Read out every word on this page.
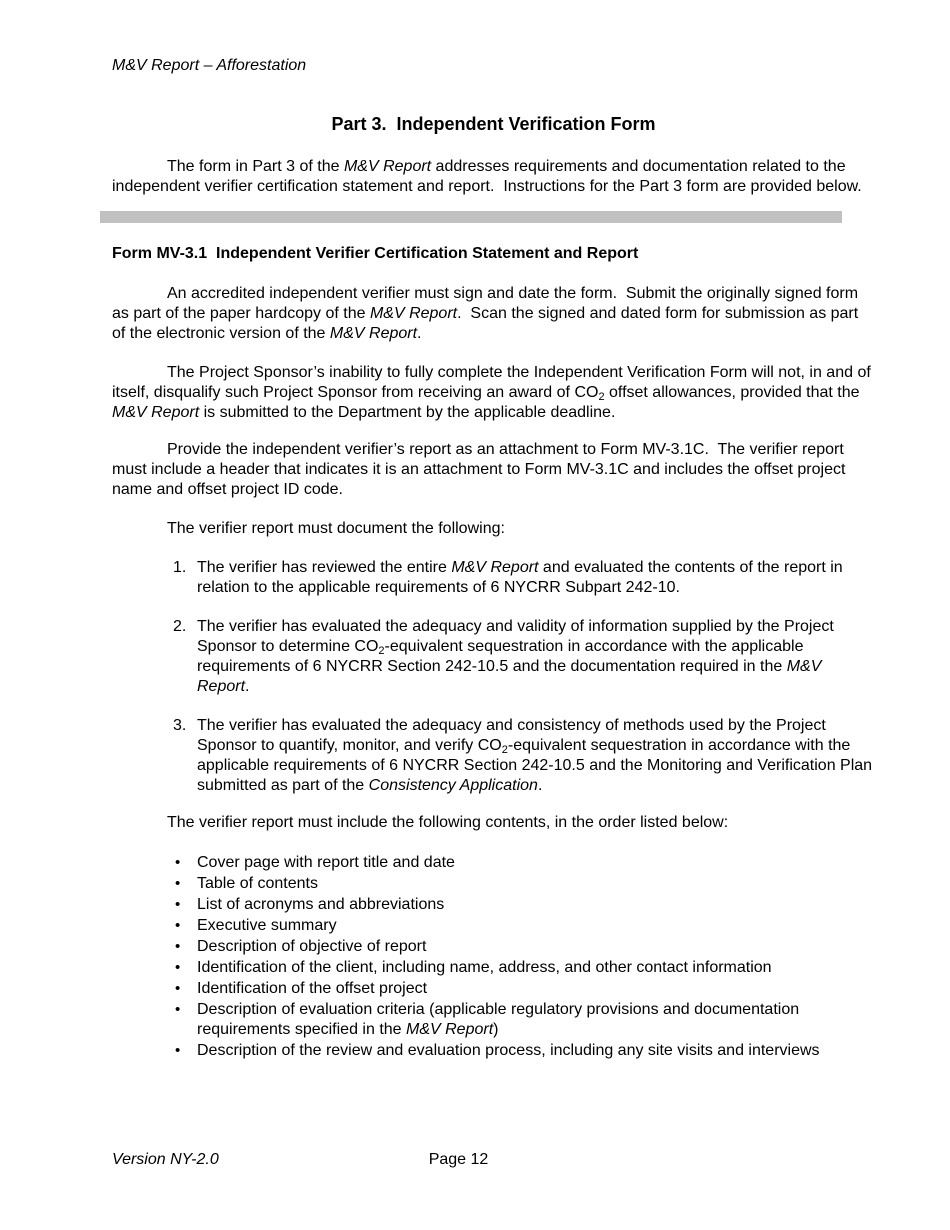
M&V Report – Afforestation
Part 3.  Independent Verification Form

The form in Part 3 of the M&V Report addresses requirements and documentation related to the independent verifier certification statement and report.  Instructions for the Part 3 form are provided below.

Form MV-3.1  Independent Verifier Certification Statement and Report

An accredited independent verifier must sign and date the form.  Submit the originally signed form as part of the paper hardcopy of the M&V Report.  Scan the signed and dated form for submission as part of the electronic version of the M&V Report.

The Project Sponsor’s inability to fully complete the Independent Verification Form will not, in and of itself, disqualify such Project Sponsor from receiving an award of $CO_2$ offset allowances, provided that the M&V Report is submitted to the Department by the applicable deadline.

Provide the independent verifier’s report as an attachment to Form MV-3.1C.  The verifier report must include a header that indicates it is an attachment to Form MV-3.1C and includes the offset project name and offset project ID code.

The verifier report must document the following:

1. The verifier has reviewed the entire M&V Report and evaluated the contents of the report in relation to the applicable requirements of 6 NYCRR Subpart 242-10.
2. The verifier has evaluated the adequacy and validity of information supplied by the Project Sponsor to determine $CO_2$-equivalent sequestration in accordance with the applicable requirements of 6 NYCRR Section 242-10.5 and the documentation required in the M&V Report.
3. The verifier has evaluated the adequacy and consistency of methods used by the Project Sponsor to quantify, monitor, and verify $CO_2$-equivalent sequestration in accordance with the applicable requirements of 6 NYCRR Section 242-10.5 and the Monitoring and Verification Plan submitted as part of the Consistency Application.

The verifier report must include the following contents, in the order listed below:

• Cover page with report title and date
• Table of contents
• List of acronyms and abbreviations
• Executive summary
• Description of objective of report
• Identification of the client, including name, address, and other contact information
• Identification of the offset project
• Description of evaluation criteria (applicable regulatory provisions and documentation requirements specified in the M&V Report)
• Description of the review and evaluation process, including any site visits and interviews
Version NY-2.0	Page 12
